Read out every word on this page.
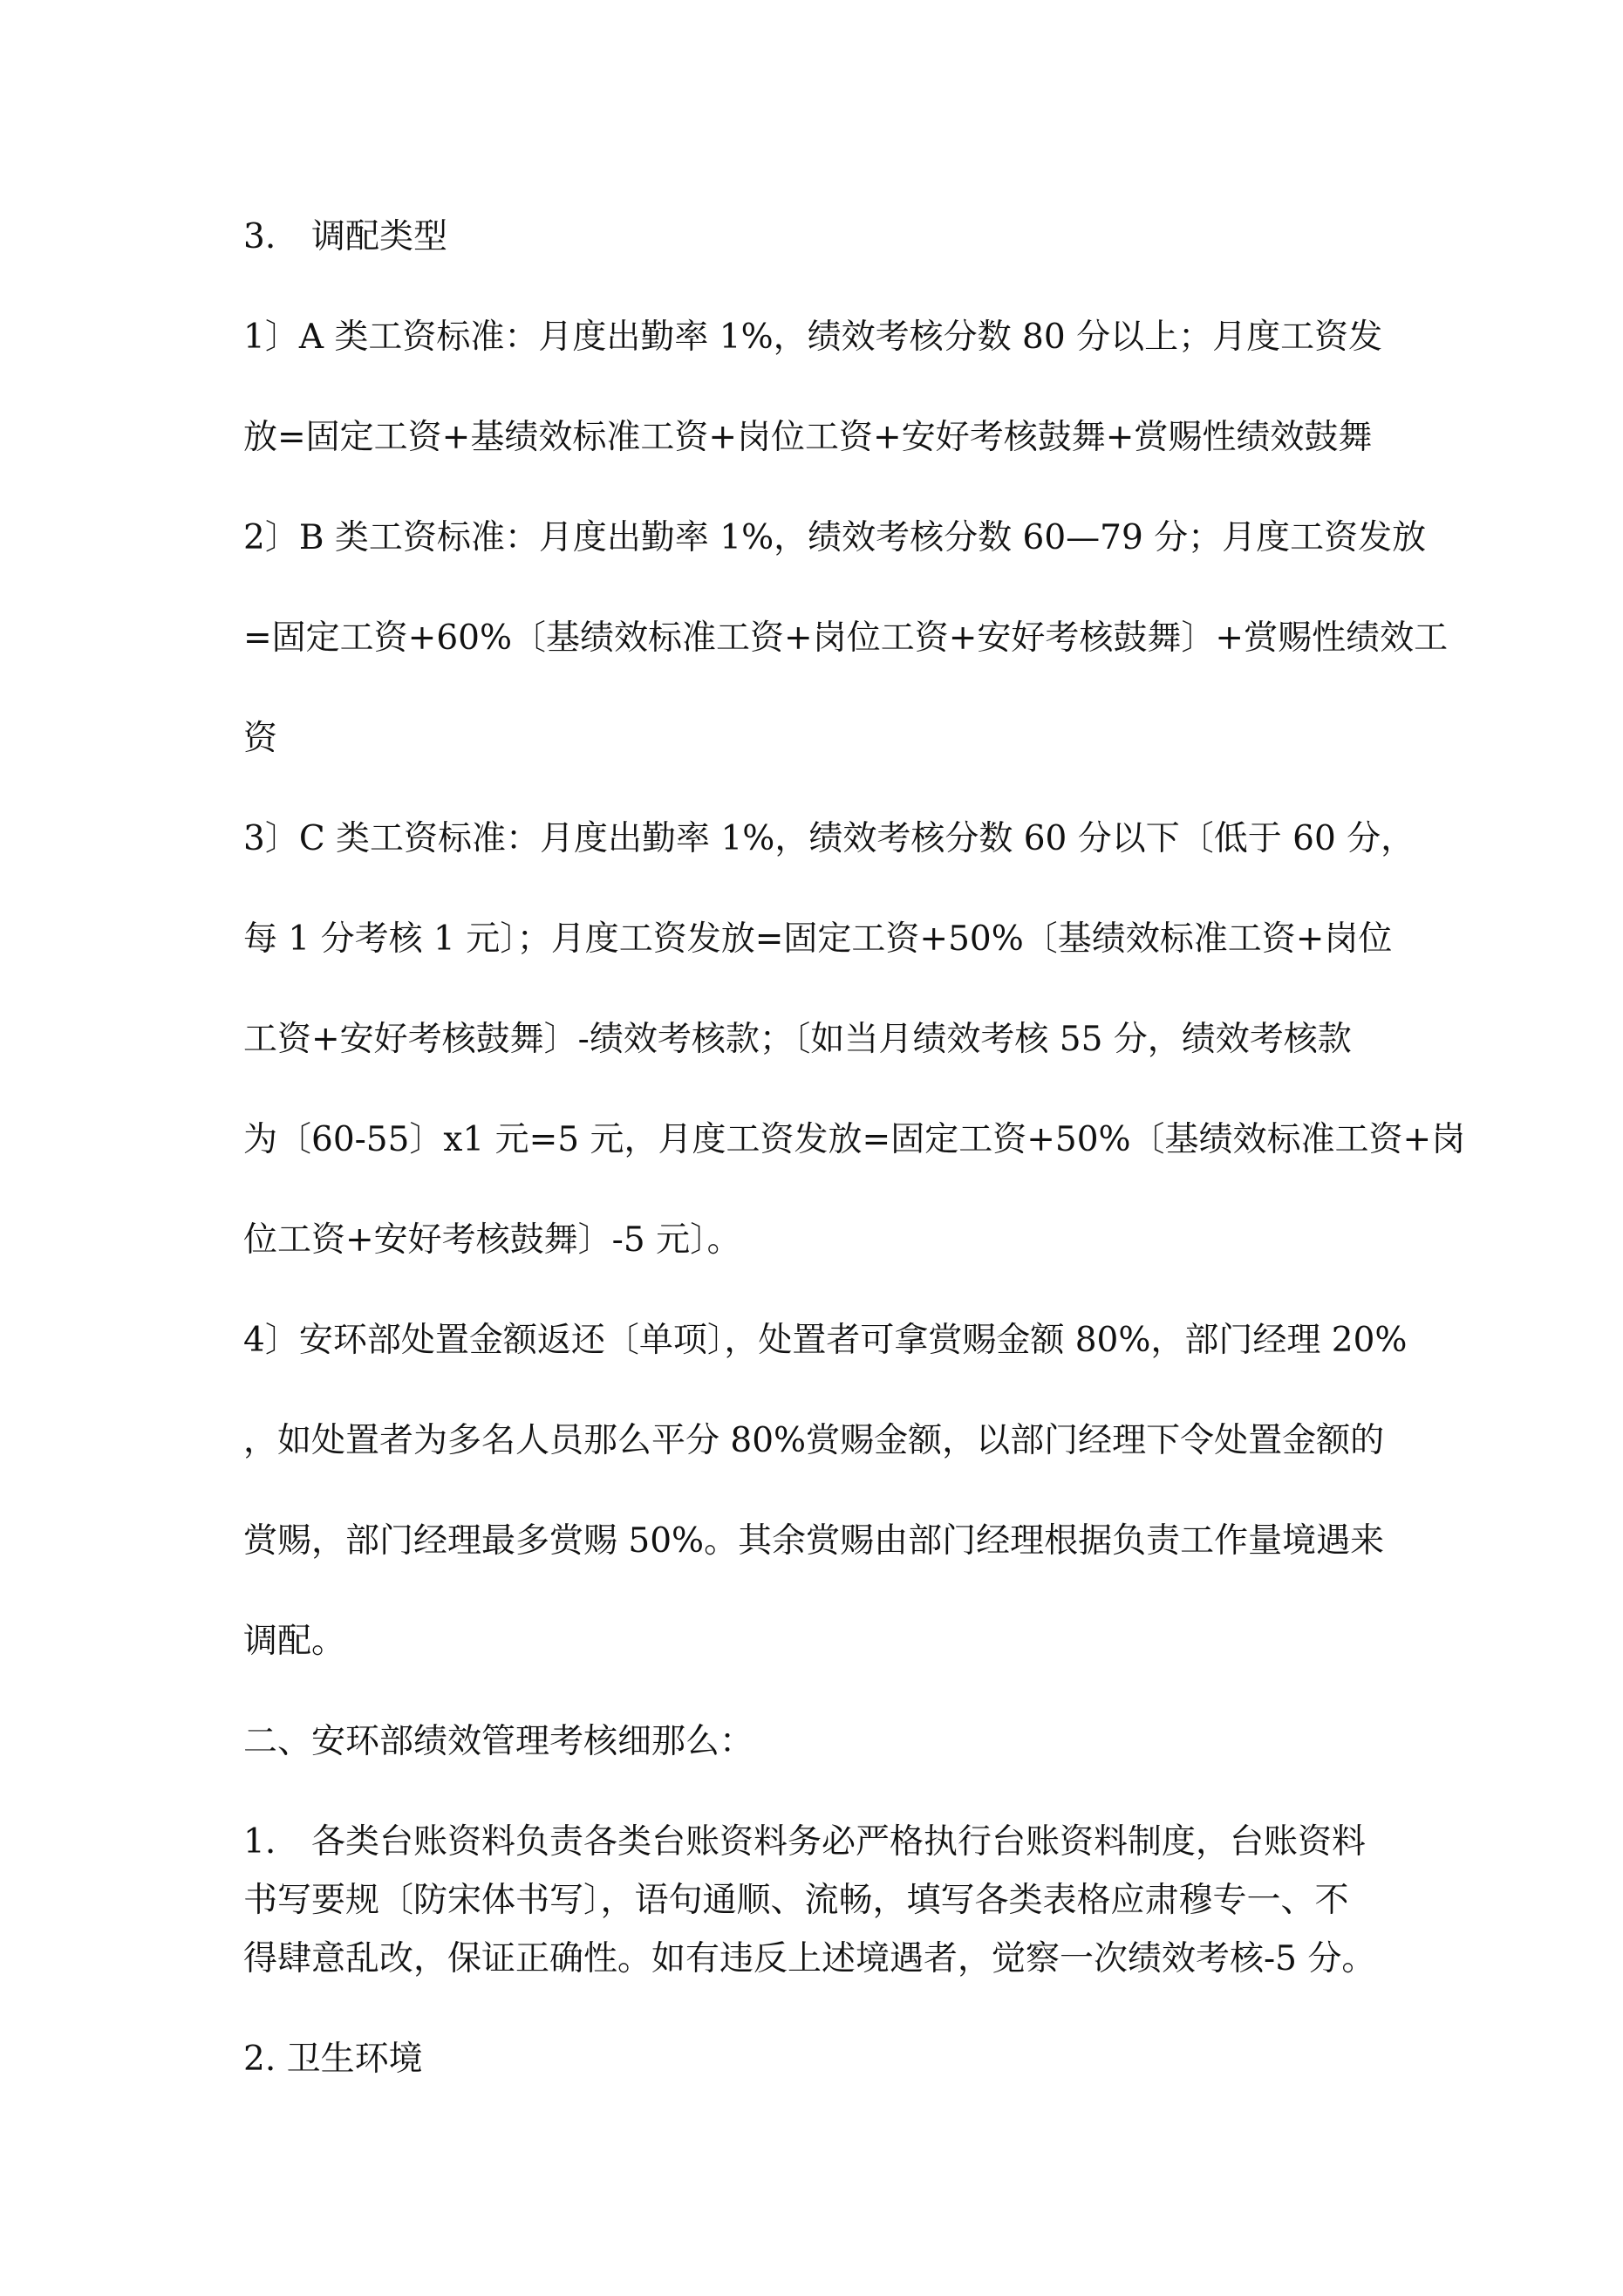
3. 调配类型
1〕A 类工资标准：月度出勤率 1%，绩效考核分数 80 分以上；月度工资发
放=固定工资+基绩效标准工资+岗位工资+安好考核鼓舞+赏赐性绩效鼓舞
2〕B 类工资标准：月度出勤率 1%，绩效考核分数 60—79 分；月度工资发放
=固定工资+60%〔基绩效标准工资+岗位工资+安好考核鼓舞〕+赏赐性绩效工
资
3〕C 类工资标准：月度出勤率 1%，绩效考核分数 60 分以下〔低于 60 分，
每 1 分考核 1 元〕；月度工资发放=固定工资+50%〔基绩效标准工资+岗位
工资+安好考核鼓舞〕-绩效考核款；〔如当月绩效考核 55 分，绩效考核款
为〔60-55〕x1 元=5 元，月度工资发放=固定工资+50%〔基绩效标准工资+岗
位工资+安好考核鼓舞〕-5 元〕。
4〕安环部处置金额返还〔单项〕，处置者可拿赏赐金额 80%，部门经理 20%
，如处置者为多名人员那么平分 80%赏赐金额，以部门经理下令处置金额的
赏赐，部门经理最多赏赐 50%。其余赏赐由部门经理根据负责工作量境遇来
调配。
二、安环部绩效管理考核细那么：
1. 各类台账资料负责各类台账资料务必严格执行台账资料制度，台账资料
书写要规〔防宋体书写〕，语句通顺、流畅，填写各类表格应肃穆专一、不
得肆意乱改，保证正确性。如有违反上述境遇者，觉察一次绩效考核-5 分。
2. 卫生环境
